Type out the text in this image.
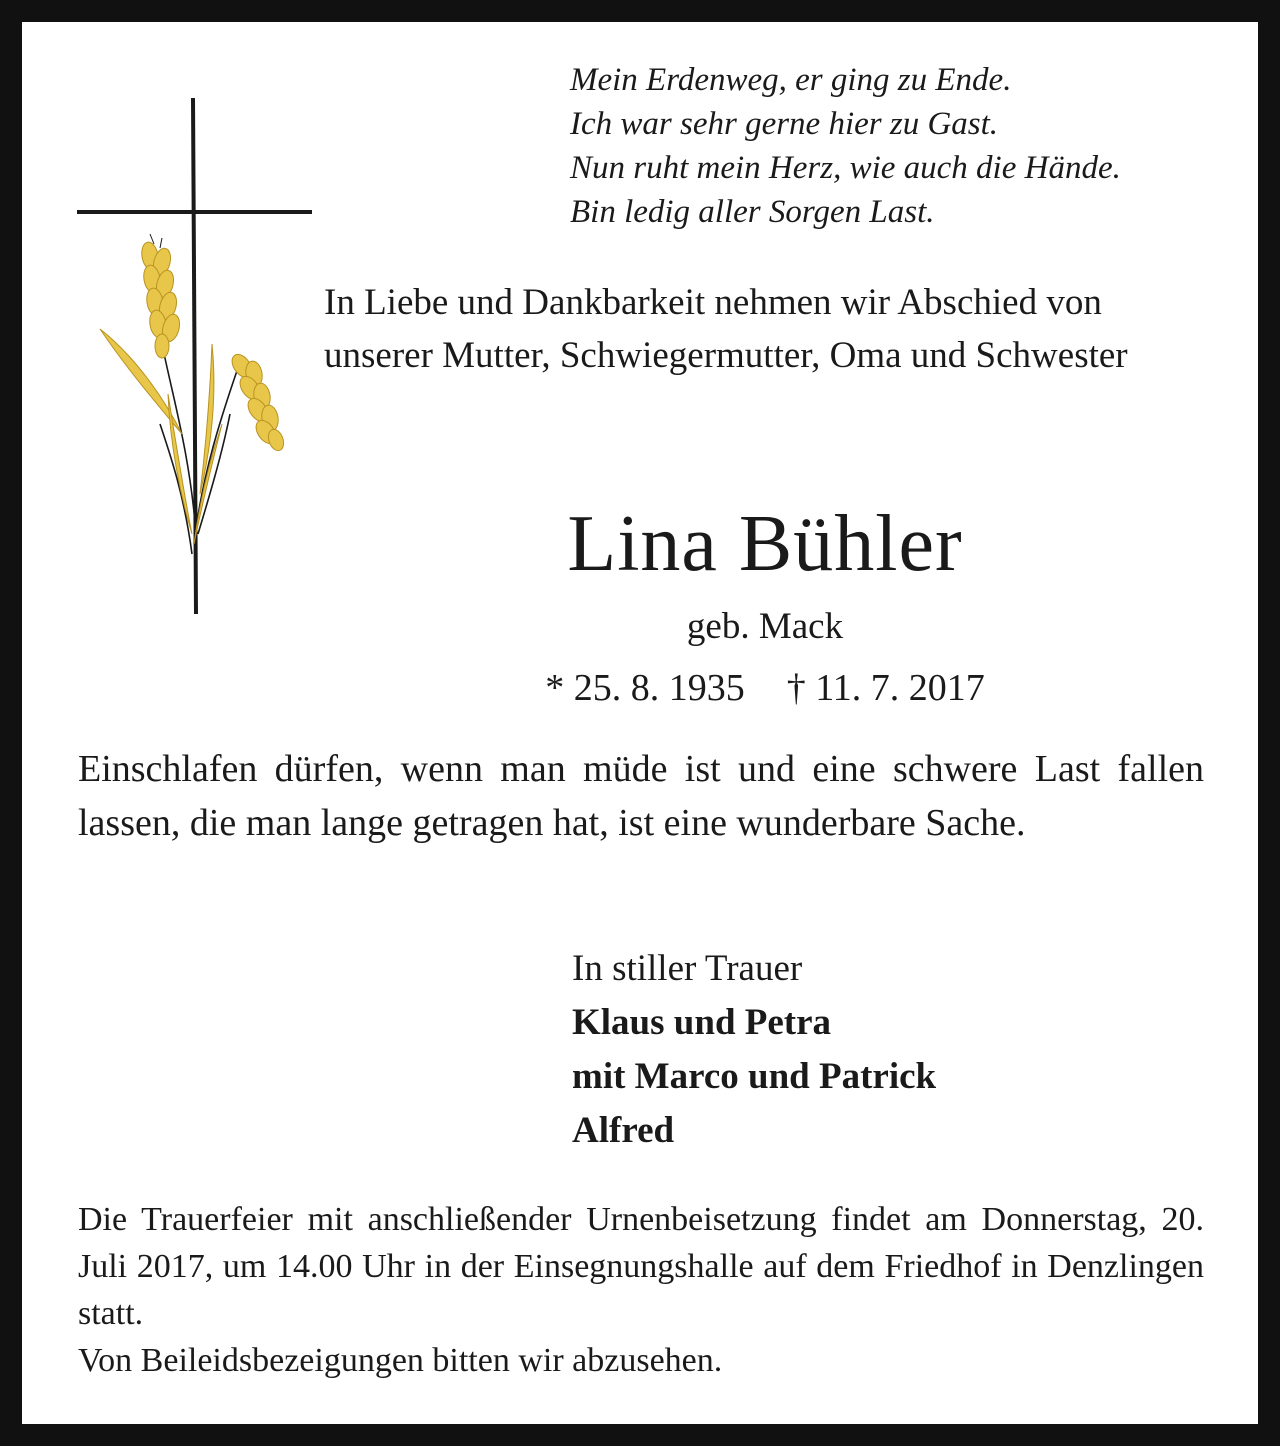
Mein Erdenweg, er ging zu Ende.
Ich war sehr gerne hier zu Gast.
Nun ruht mein Herz, wie auch die Hände.
Bin ledig aller Sorgen Last.

In Liebe und Dankbarkeit nehmen wir Abschied von unserer Mutter, Schwiegermutter, Oma und Schwester

Lina Bühler
geb. Mack
* 25. 8. 1935 † 11. 7. 2017

Einschlafen dürfen, wenn man müde ist und eine schwere Last fallen lassen, die man lange getragen hat, ist eine wunderbare Sache.

In stiller Trauer
Klaus und Petra
mit Marco und Patrick
Alfred

Die Trauerfeier mit anschließender Urnenbeisetzung findet am Donnerstag, 20. Juli 2017, um 14.00 Uhr in der Einsegnungshalle auf dem Friedhof in Denzlingen statt.

Von Beileidsbezeigungen bitten wir abzusehen.
